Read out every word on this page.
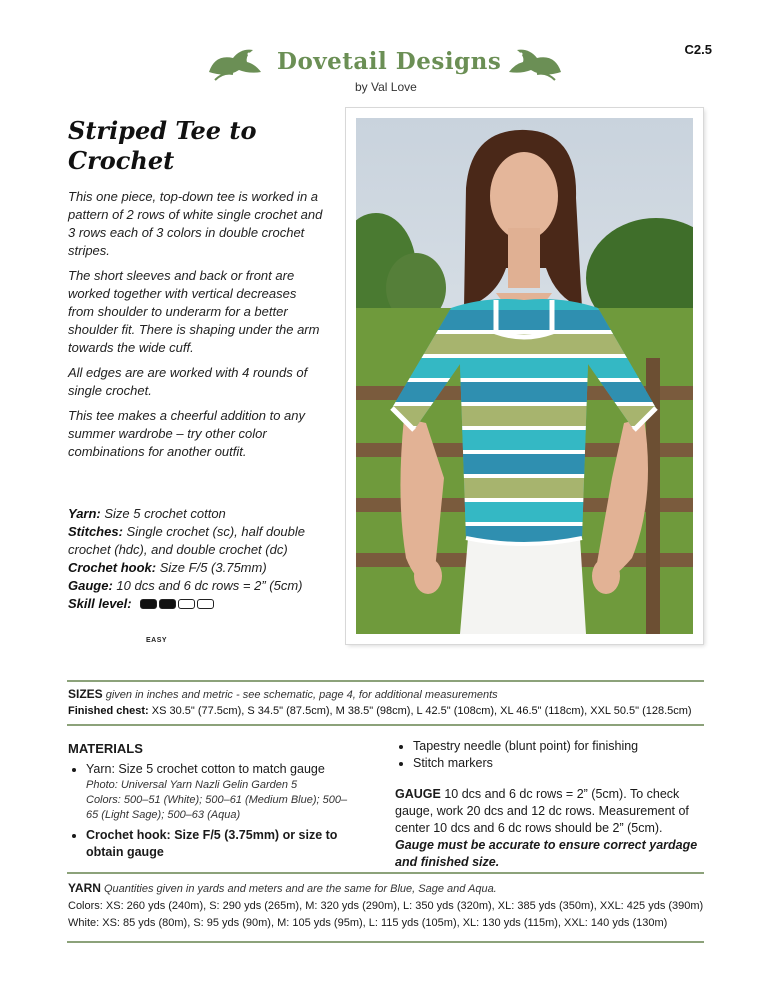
Dovetail Designs
by Val Love
C2.5
Striped Tee to Crochet

This one piece, top-down tee is worked in a pattern of 2 rows of white single crochet and 3 rows each of 3 colors in double crochet stripes.

The short sleeves and back or front are worked together with vertical decreases from shoulder to underarm for a better shoulder fit. There is shaping under the arm towards the wide cuff.

All edges are are worked with 4 rounds of single crochet.

This tee makes a cheerful addition to any summer wardrobe – try other color combinations for another outfit.

Yarn: Size 5 crochet cotton

Stitches: Single crochet (sc), half double crochet (hdc), and double crochet (dc)

Crochet hook: Size F/5 (3.75mm)

Gauge: 10 dcs and 6 dc rows = 2” (5cm)

Skill level:

EASY
SIZES given in inches and metric - see schematic, page 4, for additional measurements
Finished chest: XS 30.5" (77.5cm), S 34.5" (87.5cm), M 38.5" (98cm), L 42.5" (108cm), XL 46.5" (118cm), XXL 50.5" (128.5cm)
MATERIALS
• Yarn: Size 5 crochet cotton to match gauge
Photo: Universal Yarn Nazli Gelin Garden 5
Colors: 500–51 (White); 500–61 (Medium Blue); 500–65 (Light Sage); 500–63 (Aqua)
• Crochet hook: Size F/5 (3.75mm) or size to obtain gauge
• Tapestry needle (blunt point) for finishing
• Stitch markers
GAUGE 10 dcs and 6 dc rows = 2” (5cm). To check gauge, work 20 dcs and 12 dc rows. Measurement of center 10 dcs and 6 dc rows should be 2” (5cm).
Gauge must be accurate to ensure correct yardage and finished size.
YARN Quantities given in yards and meters and are the same for Blue, Sage and Aqua.
Colors: XS: 260 yds (240m), S: 290 yds (265m), M: 320 yds (290m), L: 350 yds (320m), XL: 385 yds (350m), XXL: 425 yds (390m)
White: XS: 85 yds (80m), S: 95 yds (90m), M: 105 yds (95m), L: 115 yds (105m), XL: 130 yds (115m), XXL: 140 yds (130m)
